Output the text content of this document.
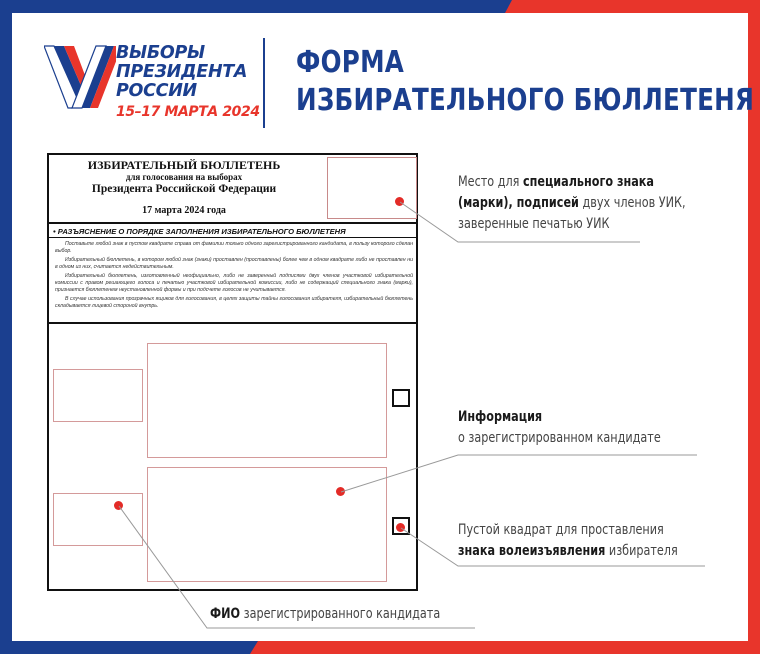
ВЫБОРЫ
ПРЕЗИДЕНТА
РОССИИ
15–17 МАРТА 2024
ФОРМА
ИЗБИРАТЕЛЬНОГО БЮЛЛЕТЕНЯ
ИЗБИРАТЕЛЬНЫЙ БЮЛЛЕТЕНЬ
для голосования на выборах
Президента Российской Федерации
17 марта 2024 года
• РАЗЪЯСНЕНИЕ О ПОРЯДКЕ ЗАПОЛНЕНИЯ ИЗБИРАТЕЛЬНОГО БЮЛЛЕТЕНЯ

Поставьте любой знак в пустом квадрате справа от фамилии только одного зарегистрированного кандидата, в пользу которого сделан выбор.

Избирательный бюллетень, в котором любой знак (знаки) проставлен (проставлены) более чем в одном квадрате либо не проставлен ни в одном из них, считается недействительным.

Избирательный бюллетень, изготовленный неофициально, либо не заверенный подписями двух членов участковой избирательной комиссии с правом решающего голоса и печатью участковой избирательной комиссии, либо не содержащий специального знака (марки), признается бюллетенем неустановленной формы и при подсчете голосов не учитывается.

В случае использования прозрачных ящиков для голосования, в целях защиты тайны голосования избирателя, избирательный бюллетень складывается лицевой стороной внутрь.

Место для специального знака
(марки), подписей двух членов УИК,
заверенные печатью УИК
Информация
о зарегистрированном кандидате
Пустой квадрат для проставления
знака волеизъявления избирателя
ФИО зарегистрированного кандидата
